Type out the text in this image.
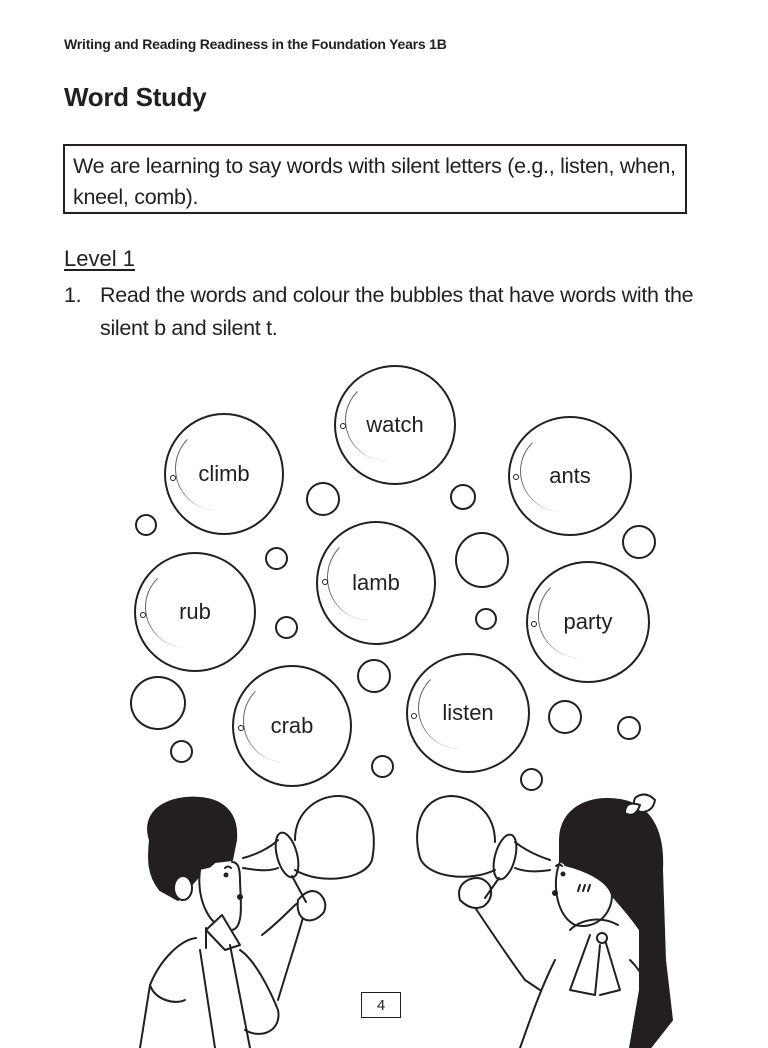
Writing and Reading Readiness in the Foundation Years 1B
Word Study
We are learning to say words with silent letters (e.g., listen, when, kneel, comb).
Level 1
1. Read the words and colour the bubbles that have words with the silent b and silent t.
watch
climb	ants
lamb
rub	party
crab
listen
4
